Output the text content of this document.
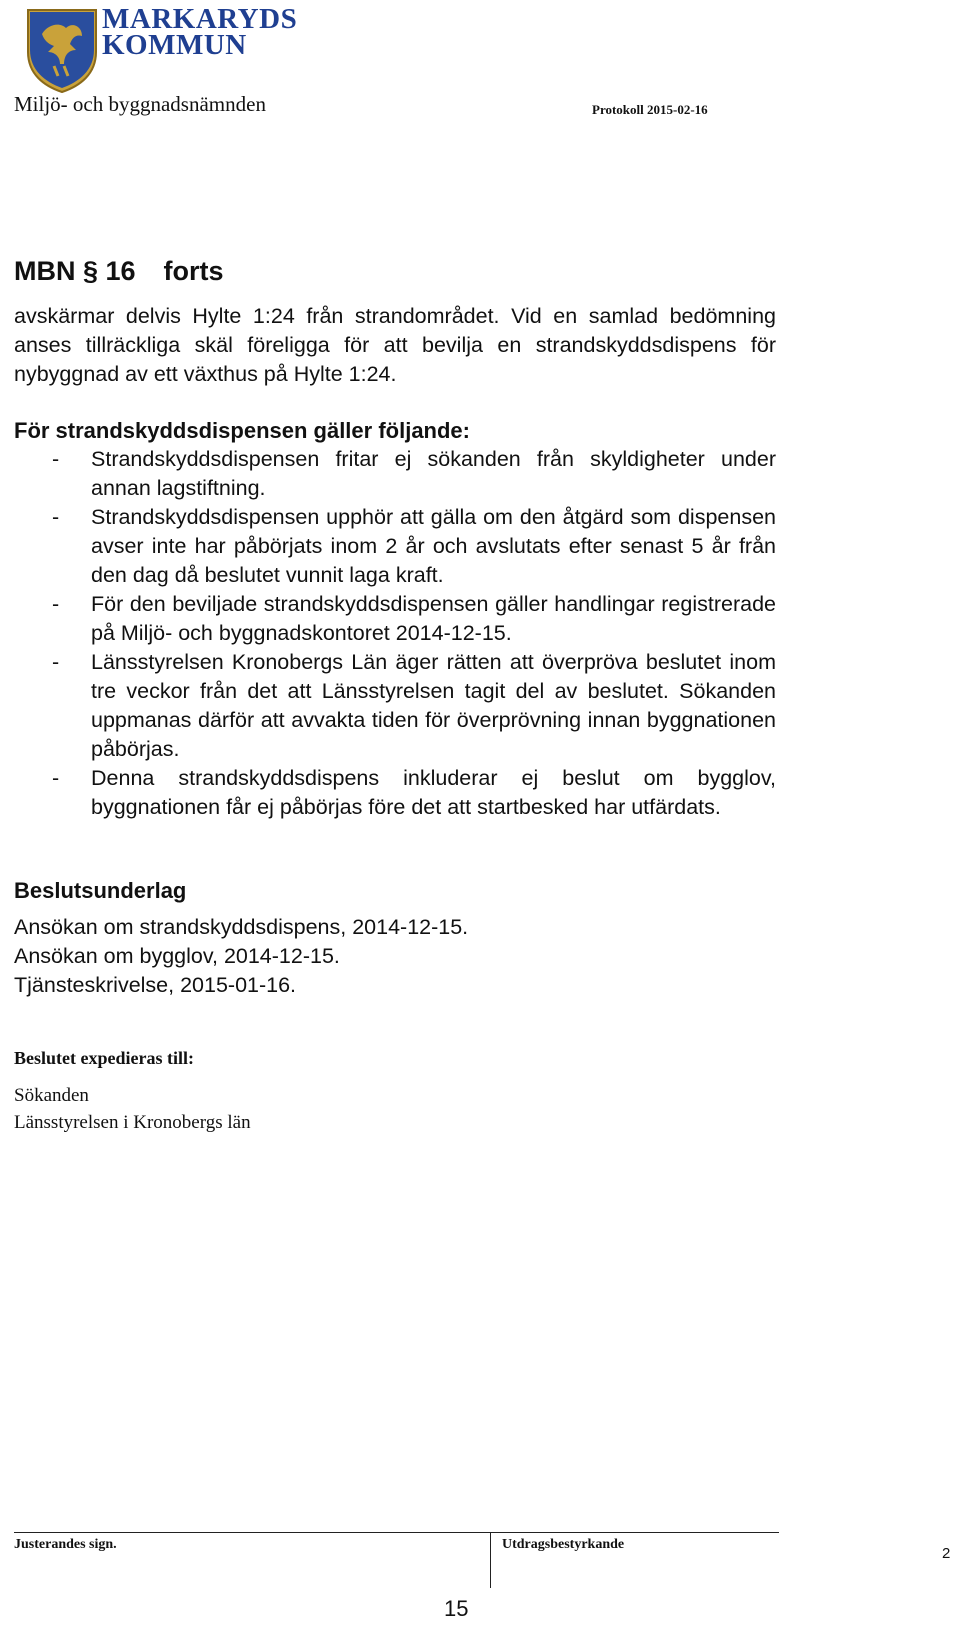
MARKARYDS
KOMMUN
Miljö- och byggnadsnämnden	Protokoll 2015-02-16
MBN § 16 forts
avskärmar delvis Hylte 1:24 från strandområdet. Vid en samlad bedömning anses tillräckliga skäl föreligga för att bevilja en strandskyddsdispens för nybyggnad av ett växthus på Hylte 1:24.
För strandskyddsdispensen gäller följande:
- Strandskyddsdispensen fritar ej sökanden från skyldigheter under annan lagstiftning.
- Strandskyddsdispensen upphör att gälla om den åtgärd som dispensen avser inte har påbörjats inom 2 år och avslutats efter senast 5 år från den dag då beslutet vunnit laga kraft.
- För den beviljade strandskyddsdispensen gäller handlingar registrerade på Miljö- och byggnadskontoret 2014-12-15.
- Länsstyrelsen Kronobergs Län äger rätten att överpröva beslutet inom tre veckor från det att Länsstyrelsen tagit del av beslutet. Sökanden uppmanas därför att avvakta tiden för överprövning innan byggnationen påbörjas.
- Denna strandskyddsdispens inkluderar ej beslut om bygglov, byggnationen får ej påbörjas före det att startbesked har utfärdats.
Beslutsunderlag
Ansökan om strandskyddsdispens, 2014-12-15.
Ansökan om bygglov, 2014-12-15.
Tjänsteskrivelse, 2015-01-16.
Beslutet expedieras till:
Sökanden
Länsstyrelsen i Kronobergs län
Justerandes sign.	Utdragsbestyrkande
2
15
